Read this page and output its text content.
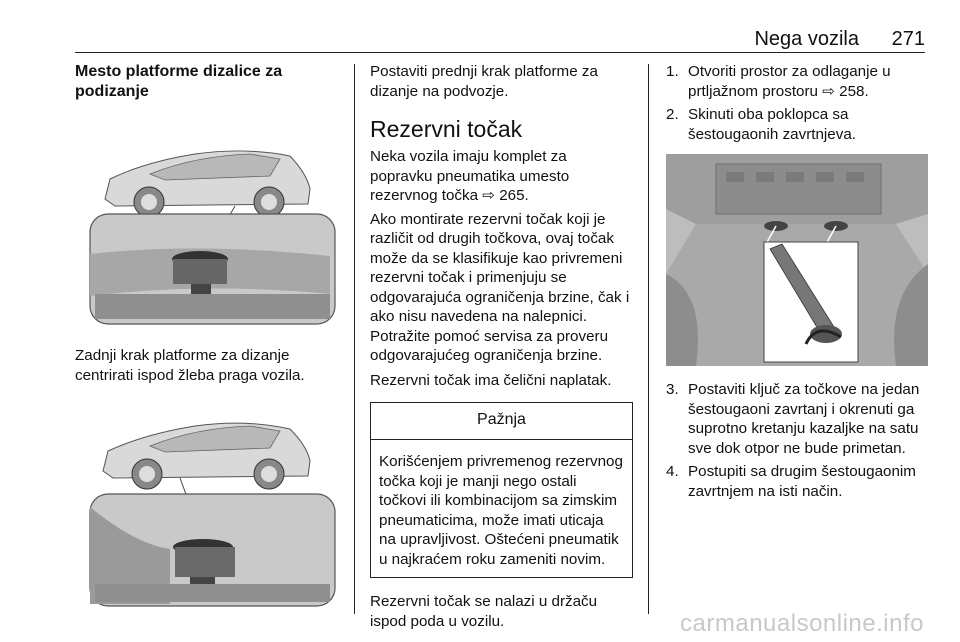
Nega vozila 271
Mesto platforme dizalice za podizanje

Zadnji krak platforme za dizanje centrirati ispod žleba praga vozila.

Postaviti prednji krak platforme za dizanje na podvozje.

Rezervni točak

Neka vozila imaju komplet za popravku pneumatika umesto rezervnog točka ⇨ 265.

Ako montirate rezervni točak koji je različit od drugih točkova, ovaj točak može da se klasifikuje kao privremeni rezervni točak i primenjuju se odgovarajuća ograničenja brzine, čak i ako nisu navedena na nalepnici. Potražite pomoć servisa za proveru odgovarajućeg ograničenja brzine.

Rezervni točak ima čelični naplatak.

Pažnja

Korišćenjem privremenog rezervnog točka koji je manji nego ostali točkovi ili kombinacijom sa zimskim pneumaticima, može imati uticaja na upravljivost. Oštećeni pneumatik u najkraćem roku zameniti novim.

Rezervni točak se nalazi u držaču ispod poda u vozilu.

1. Otvoriti prostor za odlaganje u prtljažnom prostoru ⇨ 258.
2. Skinuti oba poklopca sa šestougaonih zavrtnjeva.
3. Postaviti ključ za točkove na jedan šestougaoni zavrtanj i okrenuti ga suprotno kretanju kazaljke na satu sve dok otpor ne bude primetan.
4. Postupiti sa drugim šestougaonim zavrtnjem na isti način.
carmanualsonline.info
